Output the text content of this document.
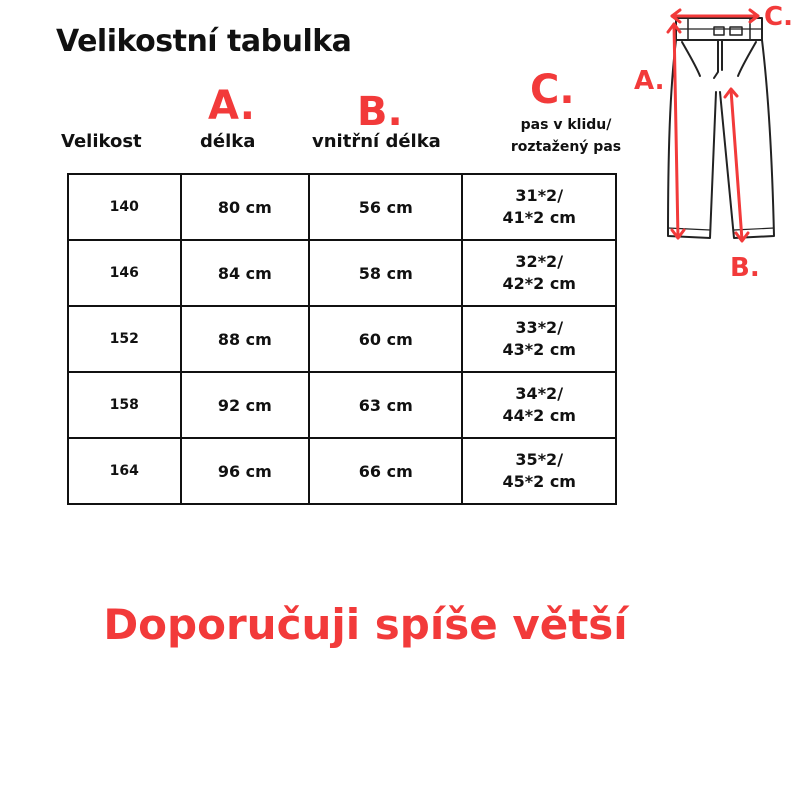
Velikostní tabulka
Velikost
A.
délka
B.
vnitřní délka
C.
pas v klidu/
roztažený pas
140	80 cm	56 cm	31*2/
41*2 cm

146	84 cm	58 cm	32*2/
42*2 cm

152	88 cm	60 cm	33*2/
43*2 cm

158	92 cm	63 cm	34*2/
44*2 cm

164	96 cm	66 cm	35*2/
45*2 cm
Doporučuji spíše větší
A.
B.
C.
